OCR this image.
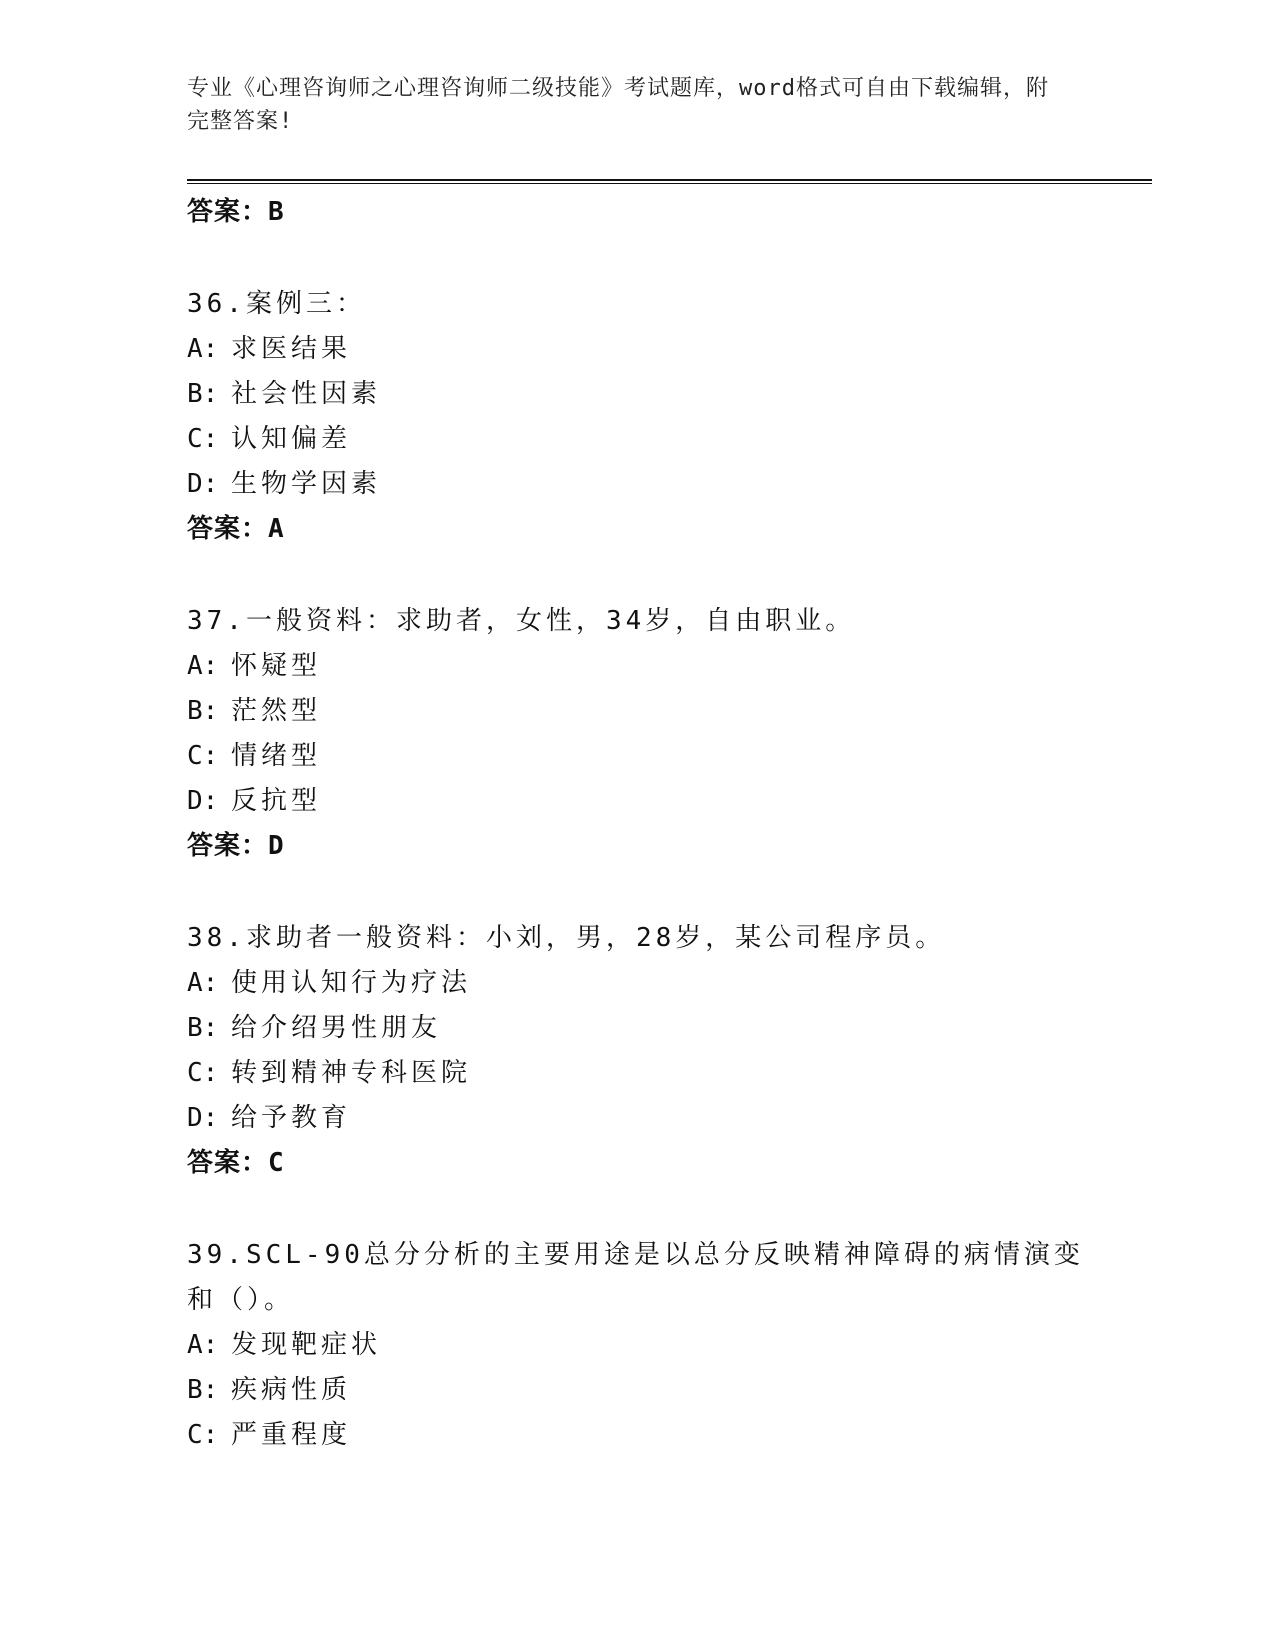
专业《心理咨询师之心理咨询师二级技能》考试题库，word格式可自由下载编辑，附完整答案!
答案：B
36.案例三：
A:求医结果
B:社会性因素
C:认知偏差
D:生物学因素
答案：A
37.一般资料：求助者，女性，34岁，自由职业。
A:怀疑型
B:茫然型
C:情绪型
D:反抗型
答案：D
38.求助者一般资料：小刘，男，28岁，某公司程序员。
A:使用认知行为疗法
B:给介绍男性朋友
C:转到精神专科医院
D:给予教育
答案：C
39.SCL-90总分分析的主要用途是以总分反映精神障碍的病情演变和（）。
A:发现靶症状
B:疾病性质
C:严重程度
